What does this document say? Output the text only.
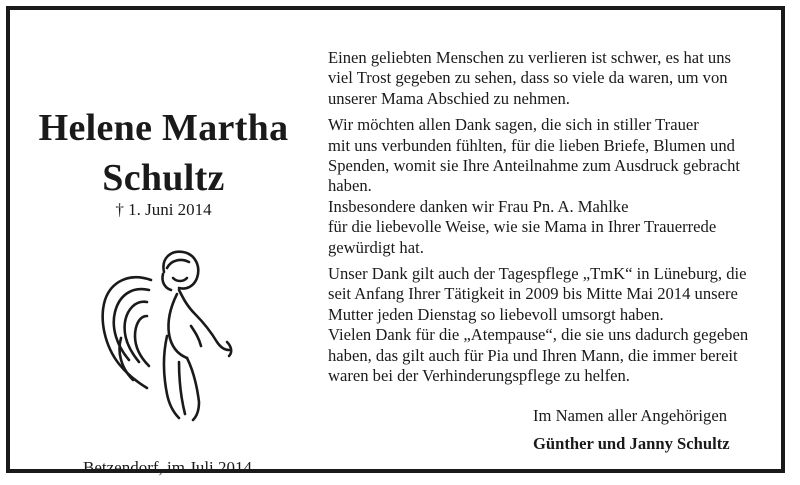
Helene Martha
Schultz
† 1. Juni 2014
Betzendorf, im Juli 2014
Einen geliebten Menschen zu verlieren ist schwer, es hat uns
viel Trost gegeben zu sehen, dass so viele da waren, um von
unserer Mama Abschied zu nehmen.
Wir möchten allen Dank sagen, die sich in stiller Trauer
mit uns verbunden fühlten, für die lieben Briefe, Blumen und
Spenden, womit sie Ihre Anteilnahme zum Ausdruck gebracht
haben.
Insbesondere danken wir Frau Pn. A. Mahlke
für die liebevolle Weise, wie sie Mama in Ihrer Trauerrede
gewürdigt hat.
Unser Dank gilt auch der Tagespflege „TmK“ in Lüneburg, die
seit Anfang Ihrer Tätigkeit in 2009 bis Mitte Mai 2014 unsere
Mutter jeden Dienstag so liebevoll umsorgt haben.
Vielen Dank für die „Atempause“, die sie uns dadurch gegeben
haben, das gilt auch für Pia und Ihren Mann, die immer bereit
waren bei der Verhinderungspflege zu helfen.
Im Namen aller Angehörigen
Günther und Janny Schultz
